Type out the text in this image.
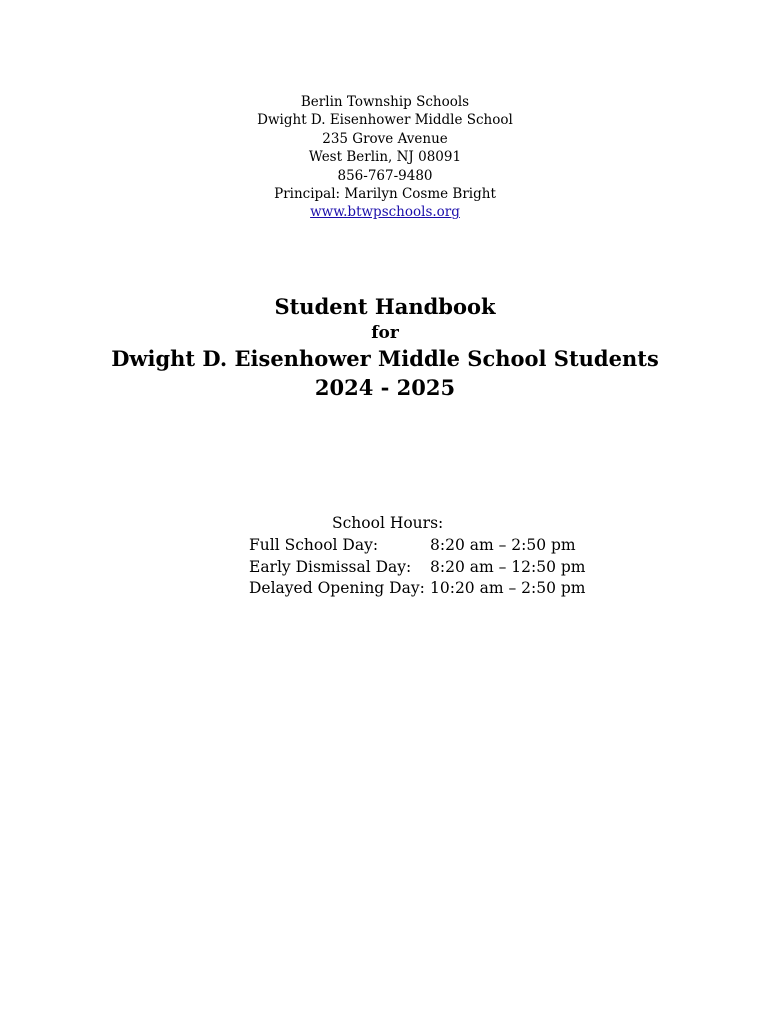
Berlin Township Schools
Dwight D. Eisenhower Middle School
235 Grove Avenue
West Berlin, NJ 08091
856-767-9480
Principal: Marilyn Cosme Bright
www.btwpschools.org
Student Handbook
for
Dwight D. Eisenhower Middle School Students
2024 - 2025
School Hours:
Full School Day:	8:20 am – 2:50 pm
Early Dismissal Day:	8:20 am – 12:50 pm
Delayed Opening Day: 10:20 am – 2:50 pm
